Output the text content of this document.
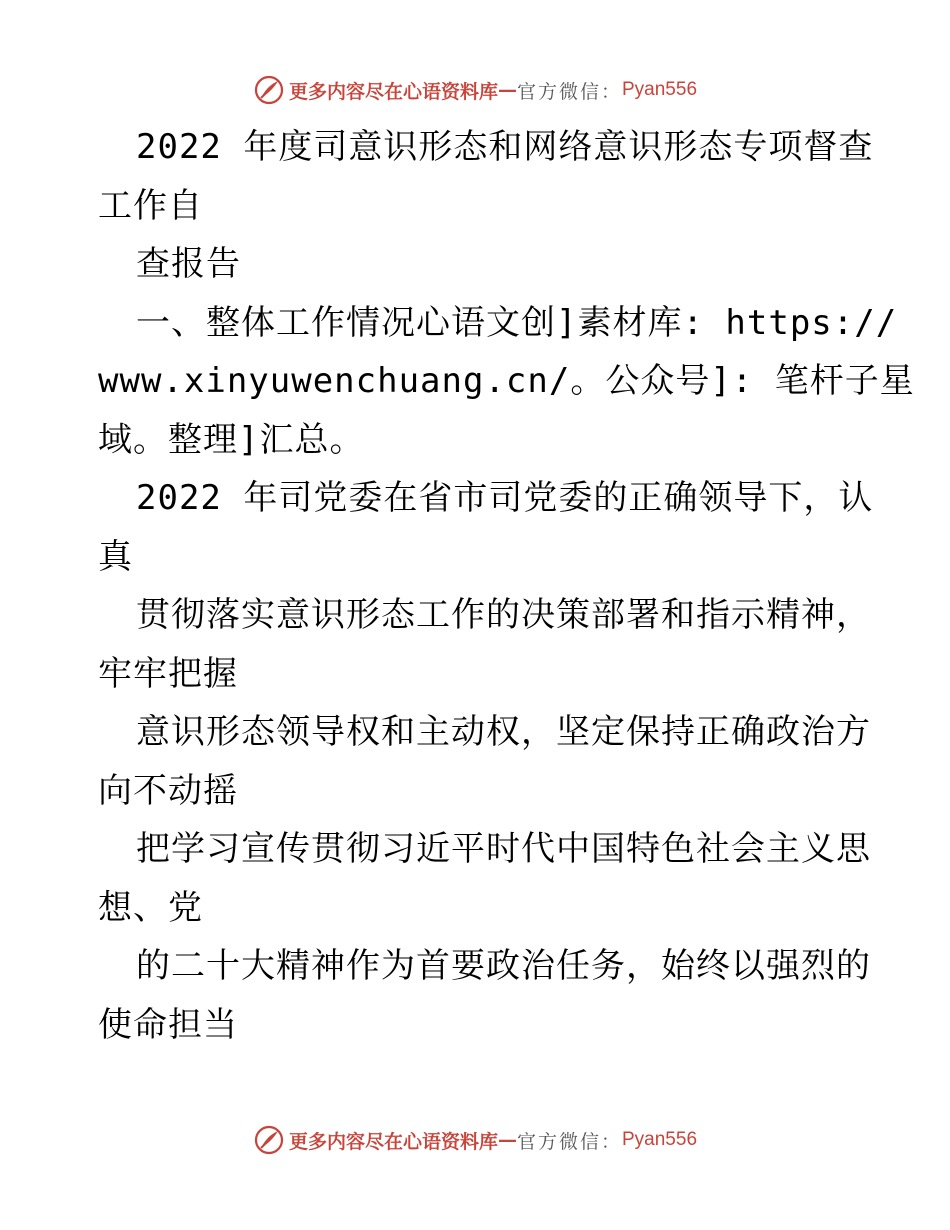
更多内容尽在心语资料库 — 官方微信： Pyan556
2022 年度司意识形态和网络意识形态专项督查
工作自
查报告
一、整体工作情况心语文创]素材库: https://
www.xinyuwenchuang.cn/。公众号]: 笔杆子星
域。整理]汇总。
2022 年司党委在省市司党委的正确领导下，认
真
贯彻落实意识形态工作的决策部署和指示精神，
牢牢把握
意识形态领导权和主动权，坚定保持正确政治方
向不动摇
把学习宣传贯彻习近平时代中国特色社会主义思
想、党
的二十大精神作为首要政治任务，始终以强烈的
使命担当
更多内容尽在心语资料库 — 官方微信： Pyan556
